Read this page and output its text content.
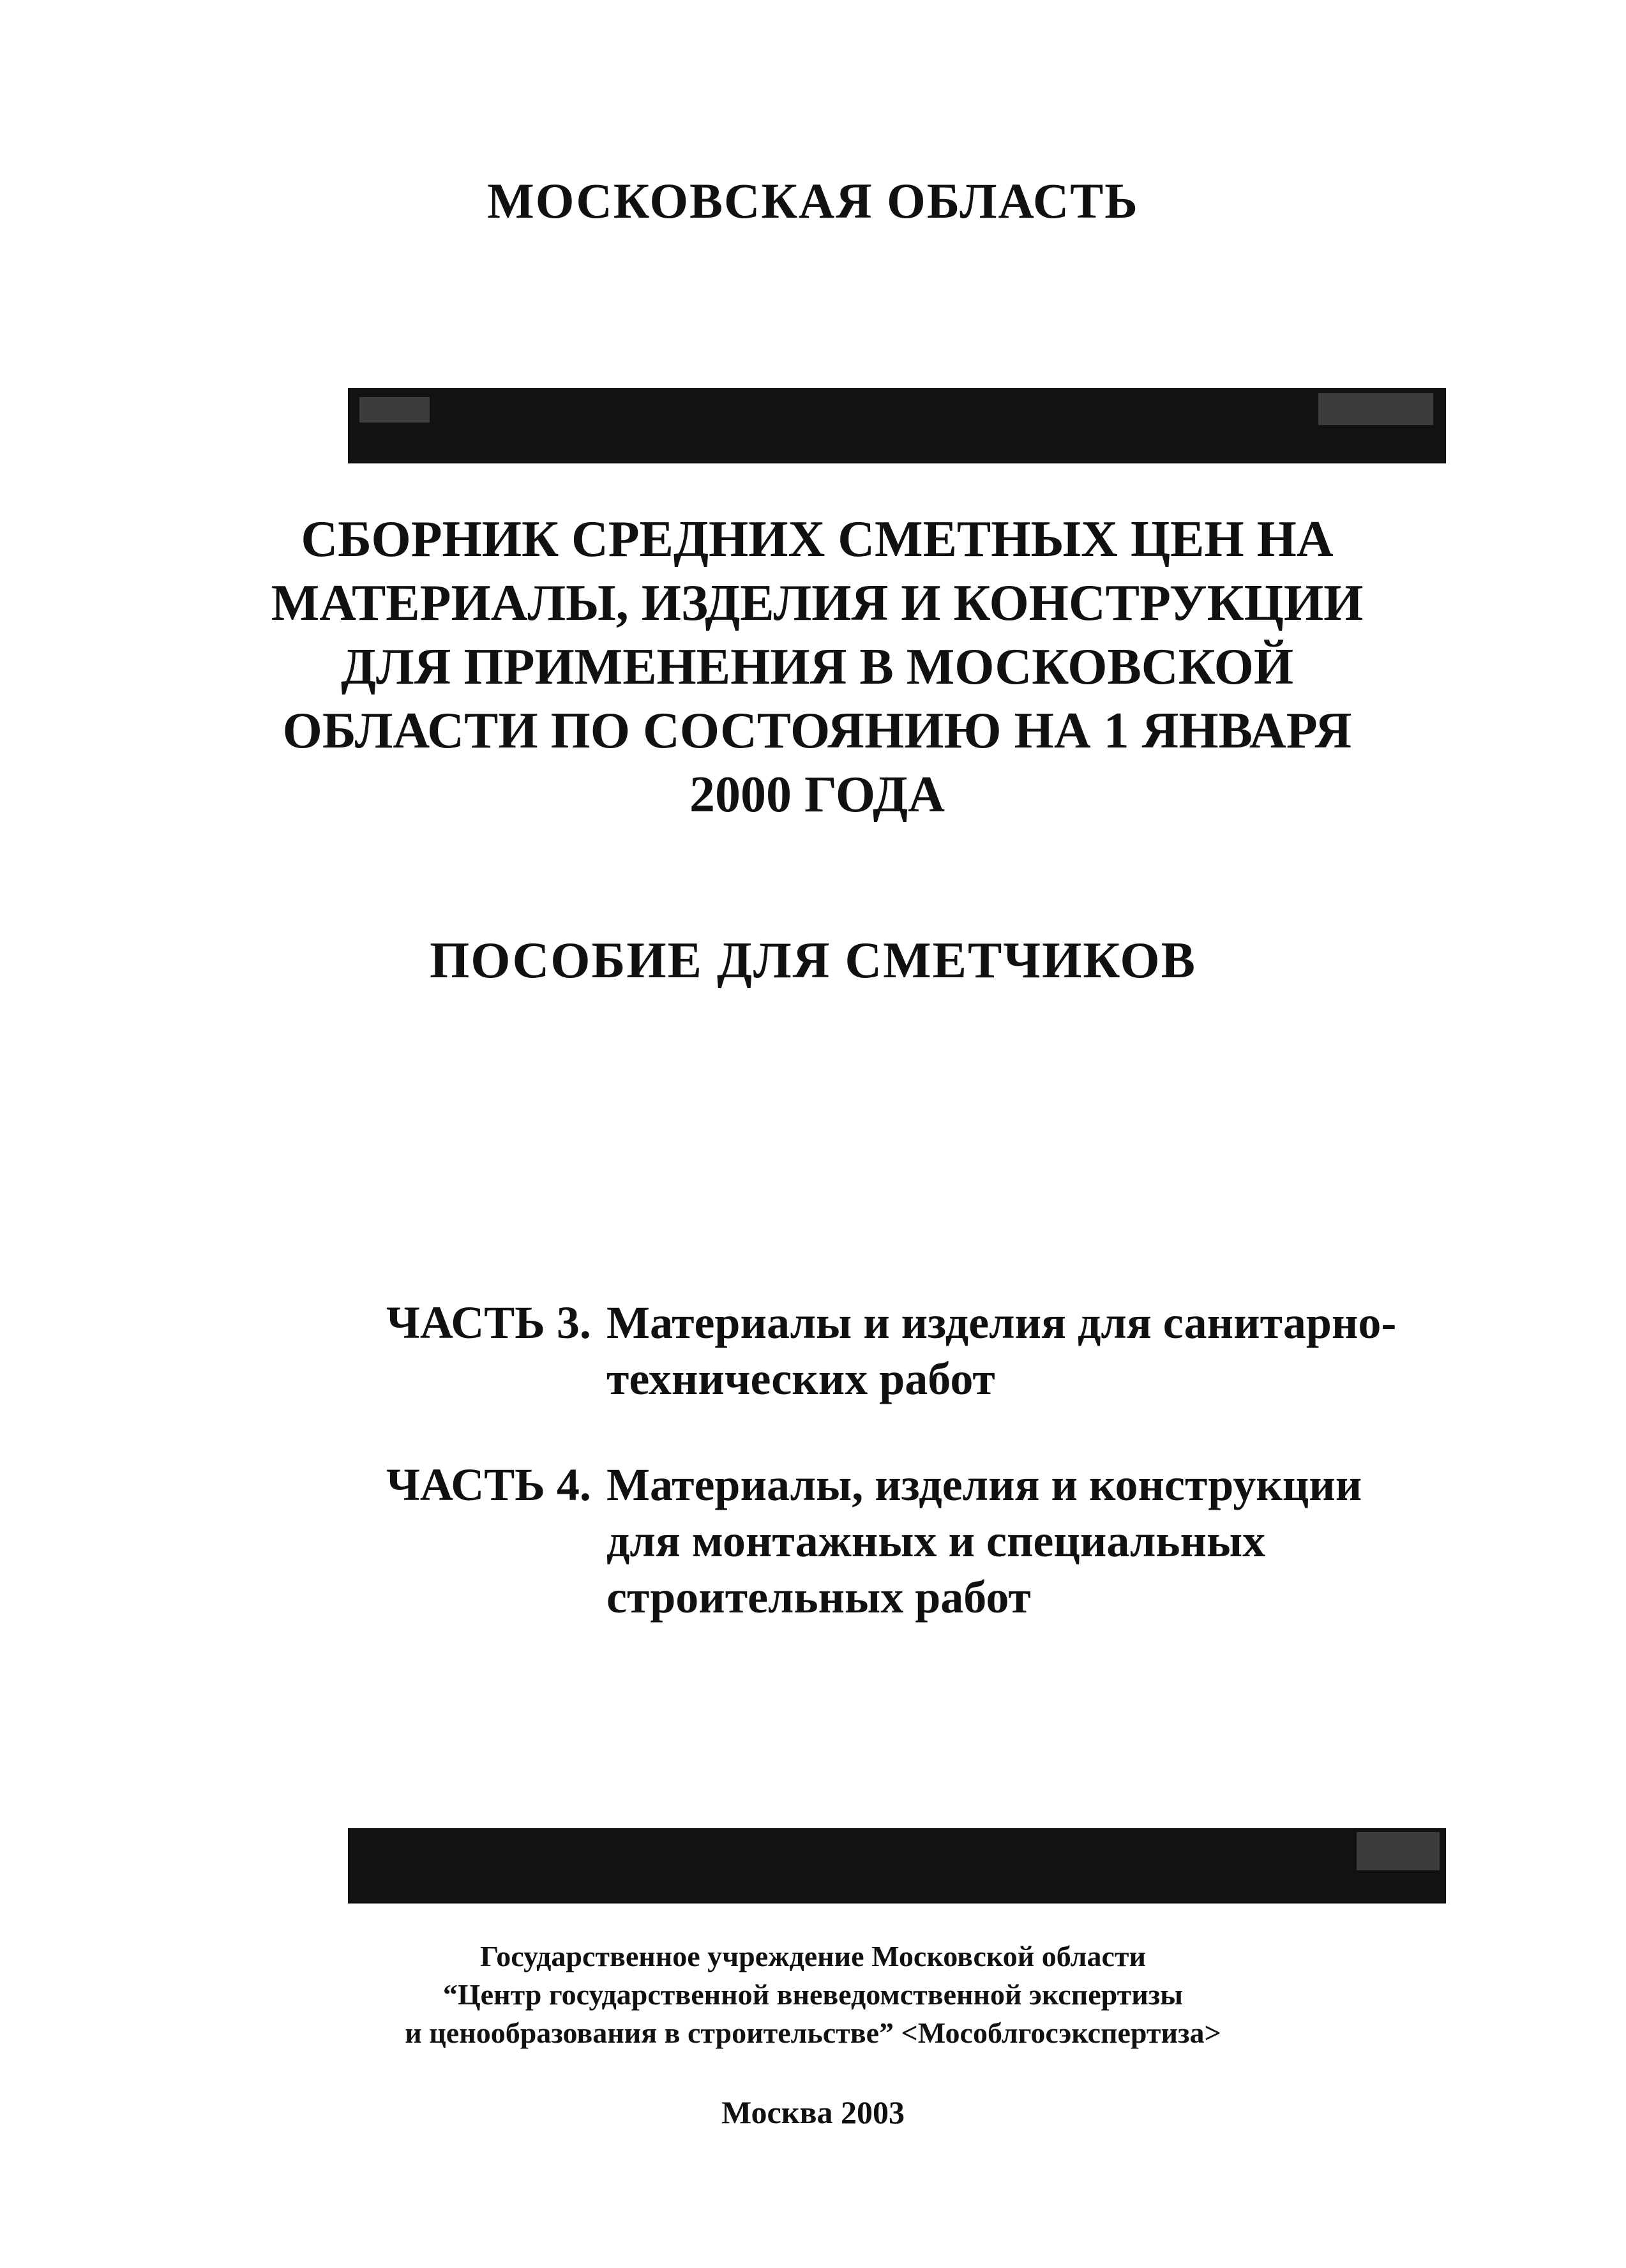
МОСКОВСКАЯ ОБЛАСТЬ
СБОРНИК СРЕДНИХ СМЕТНЫХ ЦЕН НА
МАТЕРИАЛЫ, ИЗДЕЛИЯ И КОНСТРУКЦИИ
ДЛЯ ПРИМЕНЕНИЯ В МОСКОВСКОЙ
ОБЛАСТИ ПО СОСТОЯНИЮ НА 1 ЯНВАРЯ
2000 ГОДА
ПОСОБИЕ ДЛЯ СМЕТЧИКОВ
ЧАСТЬ 3. Материалы и изделия для санитарно-
технических работ
ЧАСТЬ 4. Материалы, изделия и конструкции
для монтажных и специальных
строительных работ
Государственное учреждение Московской области
“Центр государственной вневедомственной экспертизы
и ценообразования в строительстве” <Мособлгосэкспертиза>
Москва 2003
